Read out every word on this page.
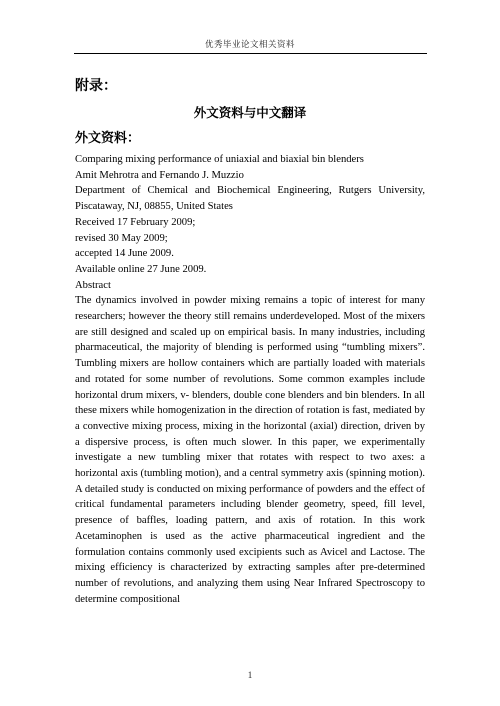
优秀毕业论文相关资料
附录：
外文资料与中文翻译
外文资料：
Comparing mixing performance of uniaxial and biaxial bin blenders
Amit Mehrotra and Fernando J. Muzzio
Department of Chemical and Biochemical Engineering, Rutgers University, Piscataway, NJ, 08855, United States
Received 17 February 2009;
revised 30 May 2009;
accepted 14 June 2009.
Available online 27 June 2009.
Abstract
The dynamics involved in powder mixing remains a topic of interest for many researchers; however the theory still remains underdeveloped. Most of the mixers are still designed and scaled up on empirical basis. In many industries, including pharmaceutical, the majority of blending is performed using “tumbling mixers”. Tumbling mixers are hollow containers which are partially loaded with materials and rotated for some number of revolutions. Some common examples include horizontal drum mixers, v- blenders, double cone blenders and bin blenders. In all these mixers while homogenization in the direction of rotation is fast, mediated by a convective mixing process, mixing in the horizontal (axial) direction, driven by a dispersive process, is often much slower. In this paper, we experimentally investigate a new tumbling mixer that rotates with respect to two axes: a horizontal axis (tumbling motion), and a central symmetry axis (spinning motion). A detailed study is conducted on mixing performance of powders and the effect of critical fundamental parameters including blender geometry, speed, fill level, presence of baffles, loading pattern, and axis of rotation. In this work Acetaminophen is used as the active pharmaceutical ingredient and the formulation contains commonly used excipients such as Avicel and Lactose. The mixing efficiency is characterized by extracting samples after pre-determined number of revolutions, and analyzing them using Near Infrared Spectroscopy to determine compositional
1
